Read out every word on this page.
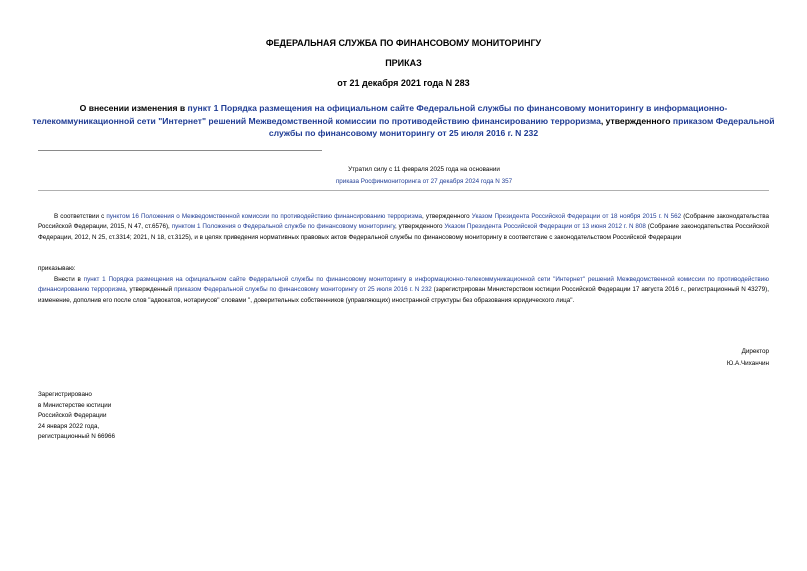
ФЕДЕРАЛЬНАЯ СЛУЖБА ПО ФИНАНСОВОМУ МОНИТОРИНГУ
ПРИКАЗ
от 21 декабря 2021 года N 283
О внесении изменения в пункт 1 Порядка размещения на официальном сайте Федеральной службы по финансовому мониторингу в информационно-телекоммуникационной сети "Интернет" решений Межведомственной комиссии по противодействию финансированию терроризма, утвержденного приказом Федеральной службы по финансовому мониторингу от 25 июля 2016 г. N 232
Утратил силу с 11 февраля 2025 года на основании
приказа Росфинмониторинга от 27 декабря 2024 года N 357
В соответствии с пунктом 16 Положения о Межведомственной комиссии по противодействию финансированию терроризма, утвержденного Указом Президента Российской Федерации от 18 ноября 2015 г. N 562 (Собрание законодательства Российской Федерации, 2015, N 47, ст.6576), пунктом 1 Положения о Федеральной службе по финансовому мониторингу, утвержденного Указом Президента Российской Федерации от 13 июня 2012 г. N 808 (Собрание законодательства Российской Федерации, 2012, N 25, ст.3314; 2021, N 18, ст.3125), и в целях приведения нормативных правовых актов Федеральной службы по финансовому мониторингу в соответствие с законодательством Российской Федерации
приказываю:
Внести в пункт 1 Порядка размещения на официальном сайте Федеральной службы по финансовому мониторингу в информационно-телекоммуникационной сети "Интернет" решений Межведомственной комиссии по противодействию финансированию терроризма, утвержденный приказом Федеральной службы по финансовому мониторингу от 25 июля 2016 г. N 232 (зарегистрирован Министерством юстиции Российской Федерации 17 августа 2016 г., регистрационный N 43279), изменение, дополнив его после слов "адвокатов, нотариусов" словами ", доверительных собственников (управляющих) иностранной структуры без образования юридического лица".
Директор
Ю.А.Чиханчин
Зарегистрировано
в Министерстве юстиции
Российской Федерации
24 января 2022 года,
регистрационный N 66966
